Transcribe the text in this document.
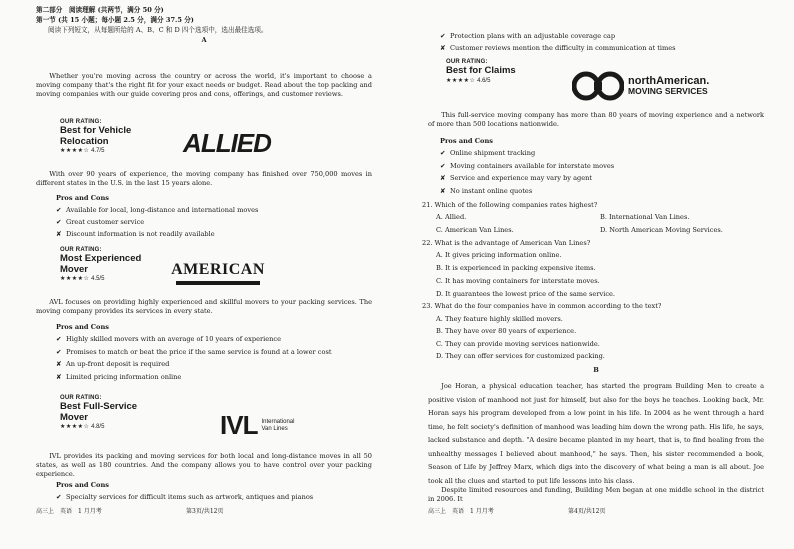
第二部分　阅读理解 (共两节，满分 50 分)
第一节 (共 15 小题；每小题 2.5 分，满分 37.5 分)
阅读下列短文，从每题所给的 A、B、C 和 D 四个选项中，选出最佳选项。
A
Whether you're moving across the country or across the world, it's important to choose a moving company that's the right fit for your exact needs or budget. Read about the top packing and moving companies with our guide covering pros and cons, offerings, and customer reviews.
OUR RATING:
Best for Vehicle
Relocation
★★★★☆ 4.7/5	ALLIED
With over 90 years of experience, the moving company has finished over 750,000 moves in different states in the U.S. in the last 15 years alone.
Pros and Cons
✔ Available for local, long-distance and international moves
✔ Great customer service
✘ Discount information is not readily available
OUR RATING:
Most Experienced
Mover
★★★★☆ 4.5/5
AMERICAN
AVL focuses on providing highly experienced and skillful movers to your packing services. The moving company provides its services in every state.
Pros and Cons
✔ Highly skilled movers with an average of 10 years of experience
✔ Promises to match or beat the price if the same service is found at a lower cost
✘ An up-front deposit is required
✘ Limited pricing information online
OUR RATING:
Best Full-Service
Mover
★★★★☆ 4.8/5	IVL International
Van Lines
IVL provides its packing and moving services for both local and long-distance moves in all 50 states, as well as 180 countries. And the company allows you to have control over your packing experience.
Pros and Cons
✔ Specialty services for difficult items such as artwork, antiques and pianos
高三上　英语　1 月月考	第3页/共12页
✔ Protection plans with an adjustable coverage cap
✘ Customer reviews mention the difficulty in communication at times
OUR RATING:
Best for Claims
★★★★☆ 4.6/5	northAmerican.
MOVING SERVICES
This full-service moving company has more than 80 years of moving experience and a network of more than 500 locations nationwide.
Pros and Cons
✔ Online shipment tracking
✔ Moving containers available for interstate moves
✘ Service and experience may vary by agent
✘ No instant online quotes
21. Which of the following companies rates highest?
A. Allied.	B. International Van Lines.
C. American Van Lines.	D. North American Moving Services.
22. What is the advantage of American Van Lines?
A. It gives pricing information online.
B. It is experienced in packing expensive items.
C. It has moving containers for interstate moves.
D. It guarantees the lowest price of the same service.
23. What do the four companies have in common according to the text?
A. They feature highly skilled movers.
B. They have over 80 years of experience.
C. They can provide moving services nationwide.
D. They can offer services for customized packing.
B
Joe Horan, a physical education teacher, has started the program Building Men to create a positive vision of manhood not just for himself, but also for the boys he teaches. Looking back, Mr. Horan says his program developed from a low point in his life. In 2004 as he went through a hard time, he felt society's definition of manhood was leading him down the wrong path. His life, he says, lacked substance and depth. "A desire became planted in my heart, that is, to find healing from the unhealthy messages I believed about manhood," he says. Then, his sister recommended a book, Season of Life by Jeffrey Marx, which digs into the discovery of what being a man is all about. Joe took all the clues and started to put life lessons into his class.
Despite limited resources and funding, Building Men began at one middle school in the district in 2006. It
高三上　英语　1 月月考	第4页/共12页
